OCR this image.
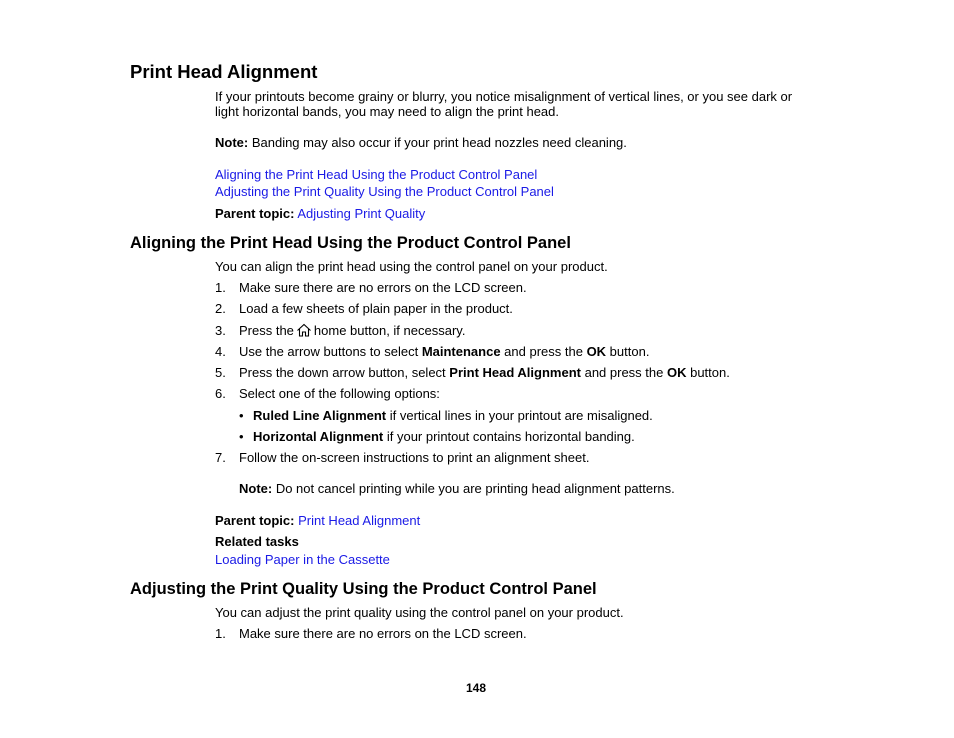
Print Head Alignment
If your printouts become grainy or blurry, you notice misalignment of vertical lines, or you see dark or
light horizontal bands, you may need to align the print head.
Note: Banding may also occur if your print head nozzles need cleaning.
Aligning the Print Head Using the Product Control Panel
Adjusting the Print Quality Using the Product Control Panel
Parent topic: Adjusting Print Quality
Aligning the Print Head Using the Product Control Panel
You can align the print head using the control panel on your product.
1. Make sure there are no errors on the LCD screen.
2. Load a few sheets of plain paper in the product.
3. Press the home button, if necessary.
4. Use the arrow buttons to select Maintenance and press the OK button.
5. Press the down arrow button, select Print Head Alignment and press the OK button.
6. Select one of the following options:
• Ruled Line Alignment if vertical lines in your printout are misaligned.
• Horizontal Alignment if your printout contains horizontal banding.
7. Follow the on-screen instructions to print an alignment sheet.
Note: Do not cancel printing while you are printing head alignment patterns.
Parent topic: Print Head Alignment
Related tasks
Loading Paper in the Cassette
Adjusting the Print Quality Using the Product Control Panel
You can adjust the print quality using the control panel on your product.
1. Make sure there are no errors on the LCD screen.
148
